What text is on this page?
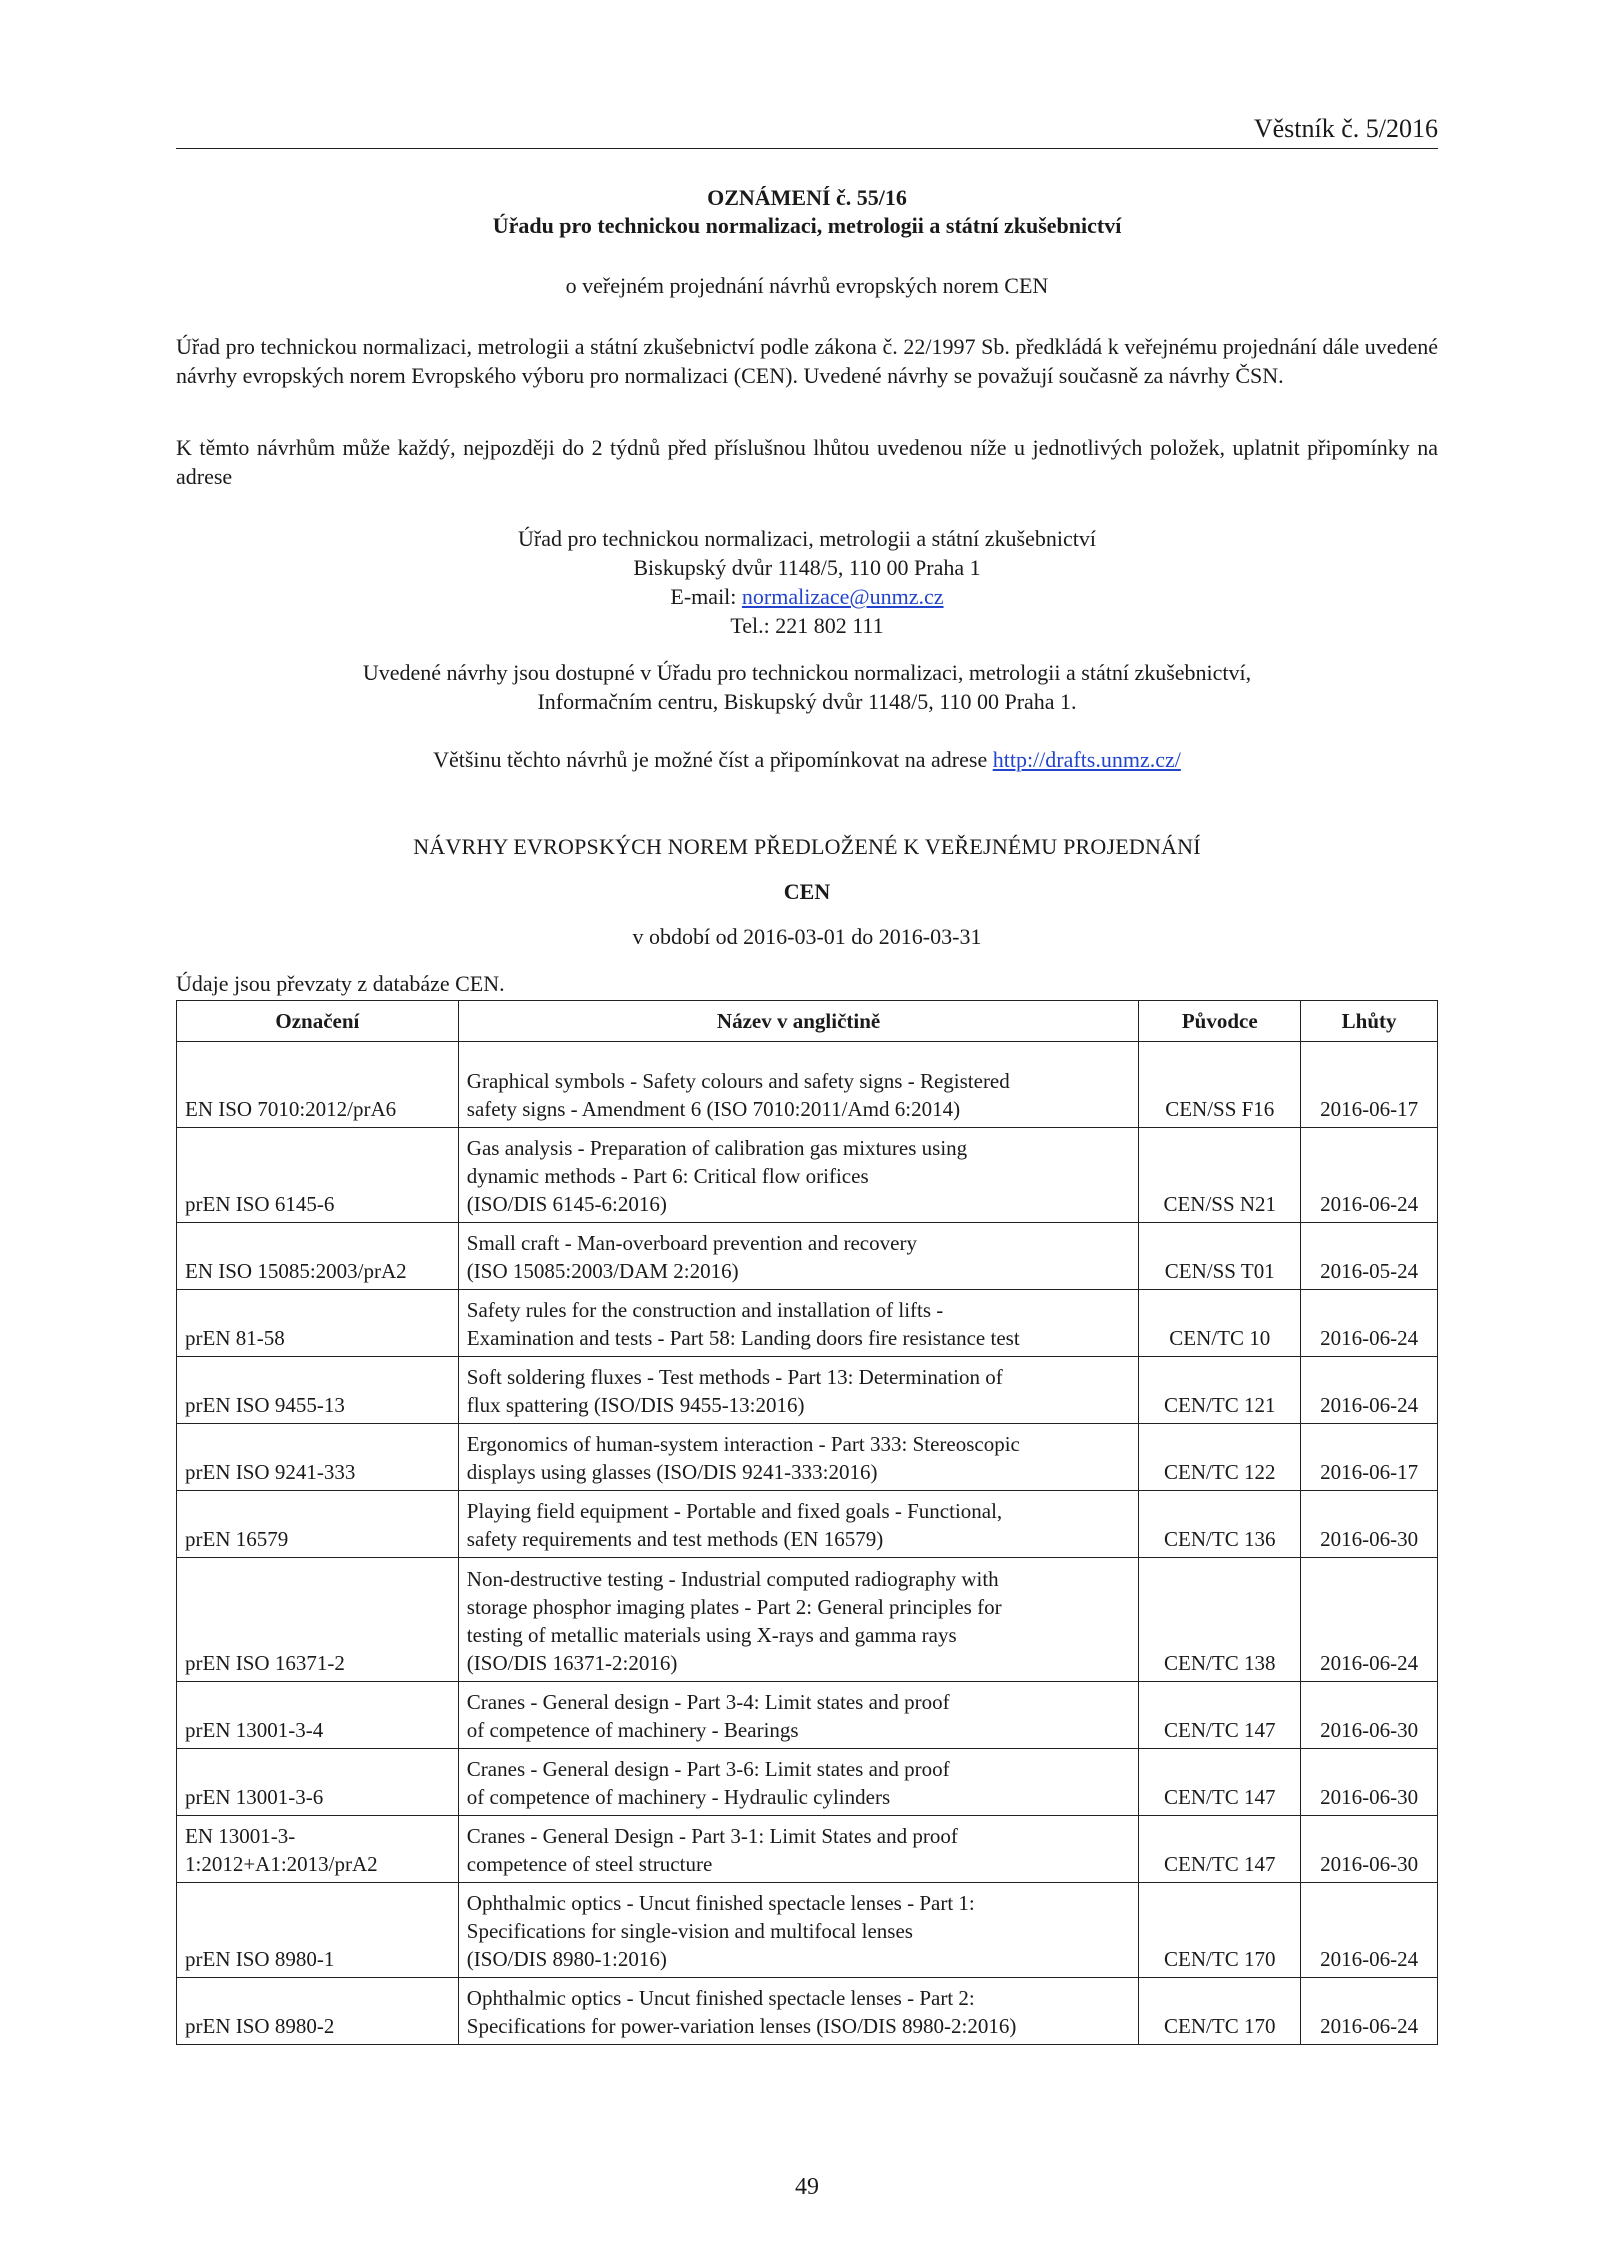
Věstník č. 5/2016
OZNÁMENÍ č. 55/16
Úřadu pro technickou normalizaci, metrologii a státní zkušebnictví
o veřejném projednání návrhů evropských norem CEN
Úřad pro technickou normalizaci, metrologii a státní zkušebnictví podle zákona č. 22/1997 Sb. předkládá k veřejnému projednání dále uvedené návrhy evropských norem Evropského výboru pro normalizaci (CEN). Uvedené návrhy se považují současně za návrhy ČSN.
K těmto návrhům může každý, nejpozději do 2 týdnů před příslušnou lhůtou uvedenou níže u jednotlivých položek, uplatnit připomínky na adrese
Úřad pro technickou normalizaci, metrologii a státní zkušebnictví
Biskupský dvůr 1148/5, 110 00 Praha 1
E-mail: normalizace@unmz.cz
Tel.: 221 802 111
Uvedené návrhy jsou dostupné v Úřadu pro technickou normalizaci, metrologii a státní zkušebnictví,
Informačním centru, Biskupský dvůr 1148/5, 110 00 Praha 1.
Většinu těchto návrhů je možné číst a připomínkovat na adrese http://drafts.unmz.cz/
NÁVRHY EVROPSKÝCH NOREM PŘEDLOŽENÉ K VEŘEJNÉMU PROJEDNÁNÍ
CEN
v období od 2016-03-01 do 2016-03-31
Údaje jsou převzaty z databáze CEN.
Označení	Název v angličtině	Původce	Lhůty
EN ISO 7010:2012/prA6	Graphical symbols - Safety colours and safety signs - Registered
safety signs - Amendment 6 (ISO 7010:2011/Amd 6:2014)	CEN/SS F16	2016-06-17
prEN ISO 6145-6	Gas analysis - Preparation of calibration gas mixtures using
dynamic methods - Part 6: Critical flow orifices
(ISO/DIS 6145-6:2016)	CEN/SS N21	2016-06-24
EN ISO 15085:2003/prA2	Small craft - Man-overboard prevention and recovery
(ISO 15085:2003/DAM 2:2016)	CEN/SS T01	2016-05-24
prEN 81-58	Safety rules for the construction and installation of lifts -
Examination and tests - Part 58: Landing doors fire resistance test	CEN/TC 10	2016-06-24
prEN ISO 9455-13	Soft soldering fluxes - Test methods - Part 13: Determination of
flux spattering (ISO/DIS 9455-13:2016)	CEN/TC 121	2016-06-24
prEN ISO 9241-333	Ergonomics of human-system interaction - Part 333: Stereoscopic
displays using glasses (ISO/DIS 9241-333:2016)	CEN/TC 122	2016-06-17
prEN 16579	Playing field equipment - Portable and fixed goals - Functional,
safety requirements and test methods (EN 16579)	CEN/TC 136	2016-06-30
prEN ISO 16371-2	Non-destructive testing - Industrial computed radiography with
storage phosphor imaging plates - Part 2: General principles for
testing of metallic materials using X-rays and gamma rays
(ISO/DIS 16371-2:2016)	CEN/TC 138	2016-06-24
prEN 13001-3-4	Cranes - General design - Part 3-4: Limit states and proof
of competence of machinery - Bearings	CEN/TC 147	2016-06-30
prEN 13001-3-6	Cranes - General design - Part 3-6: Limit states and proof
of competence of machinery - Hydraulic cylinders	CEN/TC 147	2016-06-30
EN 13001-3-
1:2012+A1:2013/prA2	Cranes - General Design - Part 3-1: Limit States and proof
competence of steel structure	CEN/TC 147	2016-06-30
prEN ISO 8980-1	Ophthalmic optics - Uncut finished spectacle lenses - Part 1:
Specifications for single-vision and multifocal lenses
(ISO/DIS 8980-1:2016)	CEN/TC 170	2016-06-24
prEN ISO 8980-2	Ophthalmic optics - Uncut finished spectacle lenses - Part 2:
Specifications for power-variation lenses (ISO/DIS 8980-2:2016)	CEN/TC 170	2016-06-24
49
